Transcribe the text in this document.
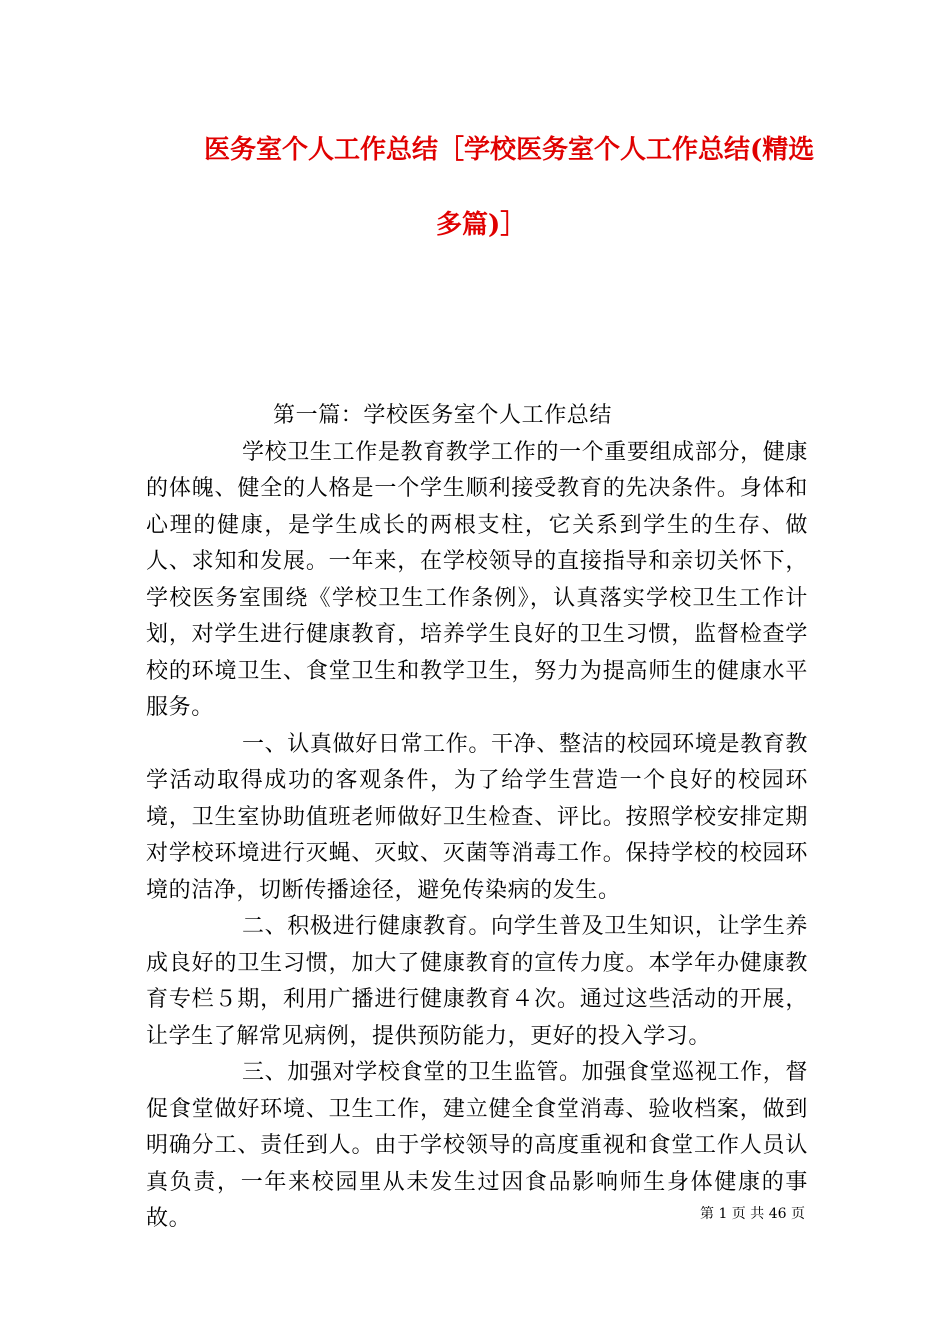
医务室个人工作总结［学校医务室个人工作总结(精选
多篇)］
第一篇：学校医务室个人工作总结

学校卫生工作是教育教学工作的一个重要组成部分，健康的体魄、健全的人格是一个学生顺利接受教育的先决条件。身体和心理的健康，是学生成长的两根支柱，它关系到学生的生存、做人、求知和发展。一年来，在学校领导的直接指导和亲切关怀下，学校医务室围绕《学校卫生工作条例》，认真落实学校卫生工作计划，对学生进行健康教育，培养学生良好的卫生习惯，监督检查学校的环境卫生、食堂卫生和教学卫生，努力为提高师生的健康水平服务。

一、认真做好日常工作。干净、整洁的校园环境是教育教学活动取得成功的客观条件，为了给学生营造一个良好的校园环境，卫生室协助值班老师做好卫生检查、评比。按照学校安排定期对学校环境进行灭蝇、灭蚊、灭菌等消毒工作。保持学校的校园环境的洁净，切断传播途径，避免传染病的发生。

二、积极进行健康教育。向学生普及卫生知识，让学生养成良好的卫生习惯，加大了健康教育的宣传力度。本学年办健康教育专栏５期，利用广播进行健康教育４次。通过这些活动的开展，让学生了解常见病例，提供预防能力，更好的投入学习。

三、加强对学校食堂的卫生监管。加强食堂巡视工作，督促食堂做好环境、卫生工作，建立健全食堂消毒、验收档案，做到明确分工、责任到人。由于学校领导的高度重视和食堂工作人员认真负责，一年来校园里从未发生过因食品影响师生身体健康的事故。	第 1 页 共 46 页
